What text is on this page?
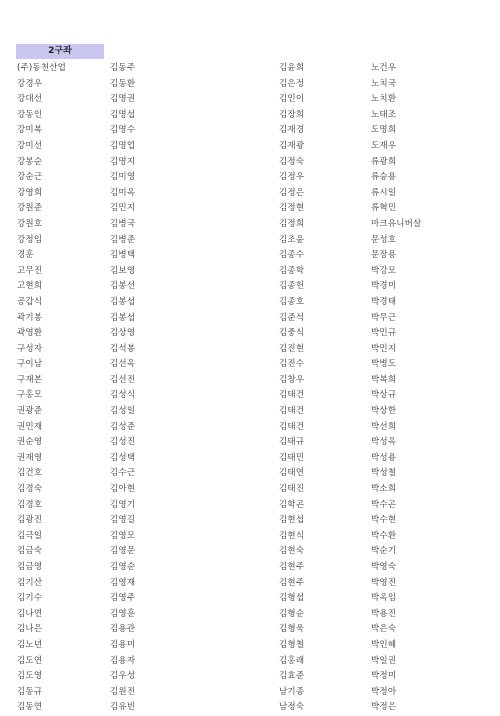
2구좌
(주)동천산업
강경우
강대선
강동인
강미복
강미선
강봉순
강순근
강영희
강원준
강원호
강정임
경훈
고무진
고현희
공갑식
곽기봉
곽영환
구성자
구이남
구재본
구홍모
권광준
권민재
권순영
권재영
김건호
김경숙
김경호
김광진
김극일
김금숙
김금영
김기산
김기수
김나연
김나은
김노년
김도연
김도영
김동규
김동연
김동주
김동환
김명권
김명섭
김명수
김명업
김명지
김미영
김미옥
김민지
김병국
김병준
김병택
김보영
김봉선
김봉섭
김봉섭
김상영
김석봉
김선옥
김선진
김성식
김성일
김성준
김성진
김성택
김수근
김아현
김영기
김영길
김영모
김영문
김영순
김영재
김영주
김영훈
김용관
김용미
김용자
김우성
김원진
김유빈
김윤희
김은정
김인이
김장희
김재경
김재광
김정숙
김정우
김정은
김정현
김정희
김조윤
김종수
김종학
김종헌
김종호
김준석
김중식
김진현
김진수
김창우
김태건
김태건
김태건
김태규
김태민
김태연
김태진
김학곤
김현섭
김현식
김현숙
김현주
김현주
김형섭
김형순
김형욱
김형철
김홍래
김효준
남기종
남정숙
노건우
노치국
노치환
노태조
도명희
도재우
류광희
류승용
류시일
류혁민
마크유니버살
문성호
문장용
박강모
박경미
박경태
박무근
박민규
박민지
박병도
박복희
박상규
박상한
박선희
박성옥
박성용
박성철
박소희
박수곤
박수현
박수환
박순기
박영숙
박영진
박옥임
박용진
박은숙
박인혜
박일권
박정미
박정아
박정은
